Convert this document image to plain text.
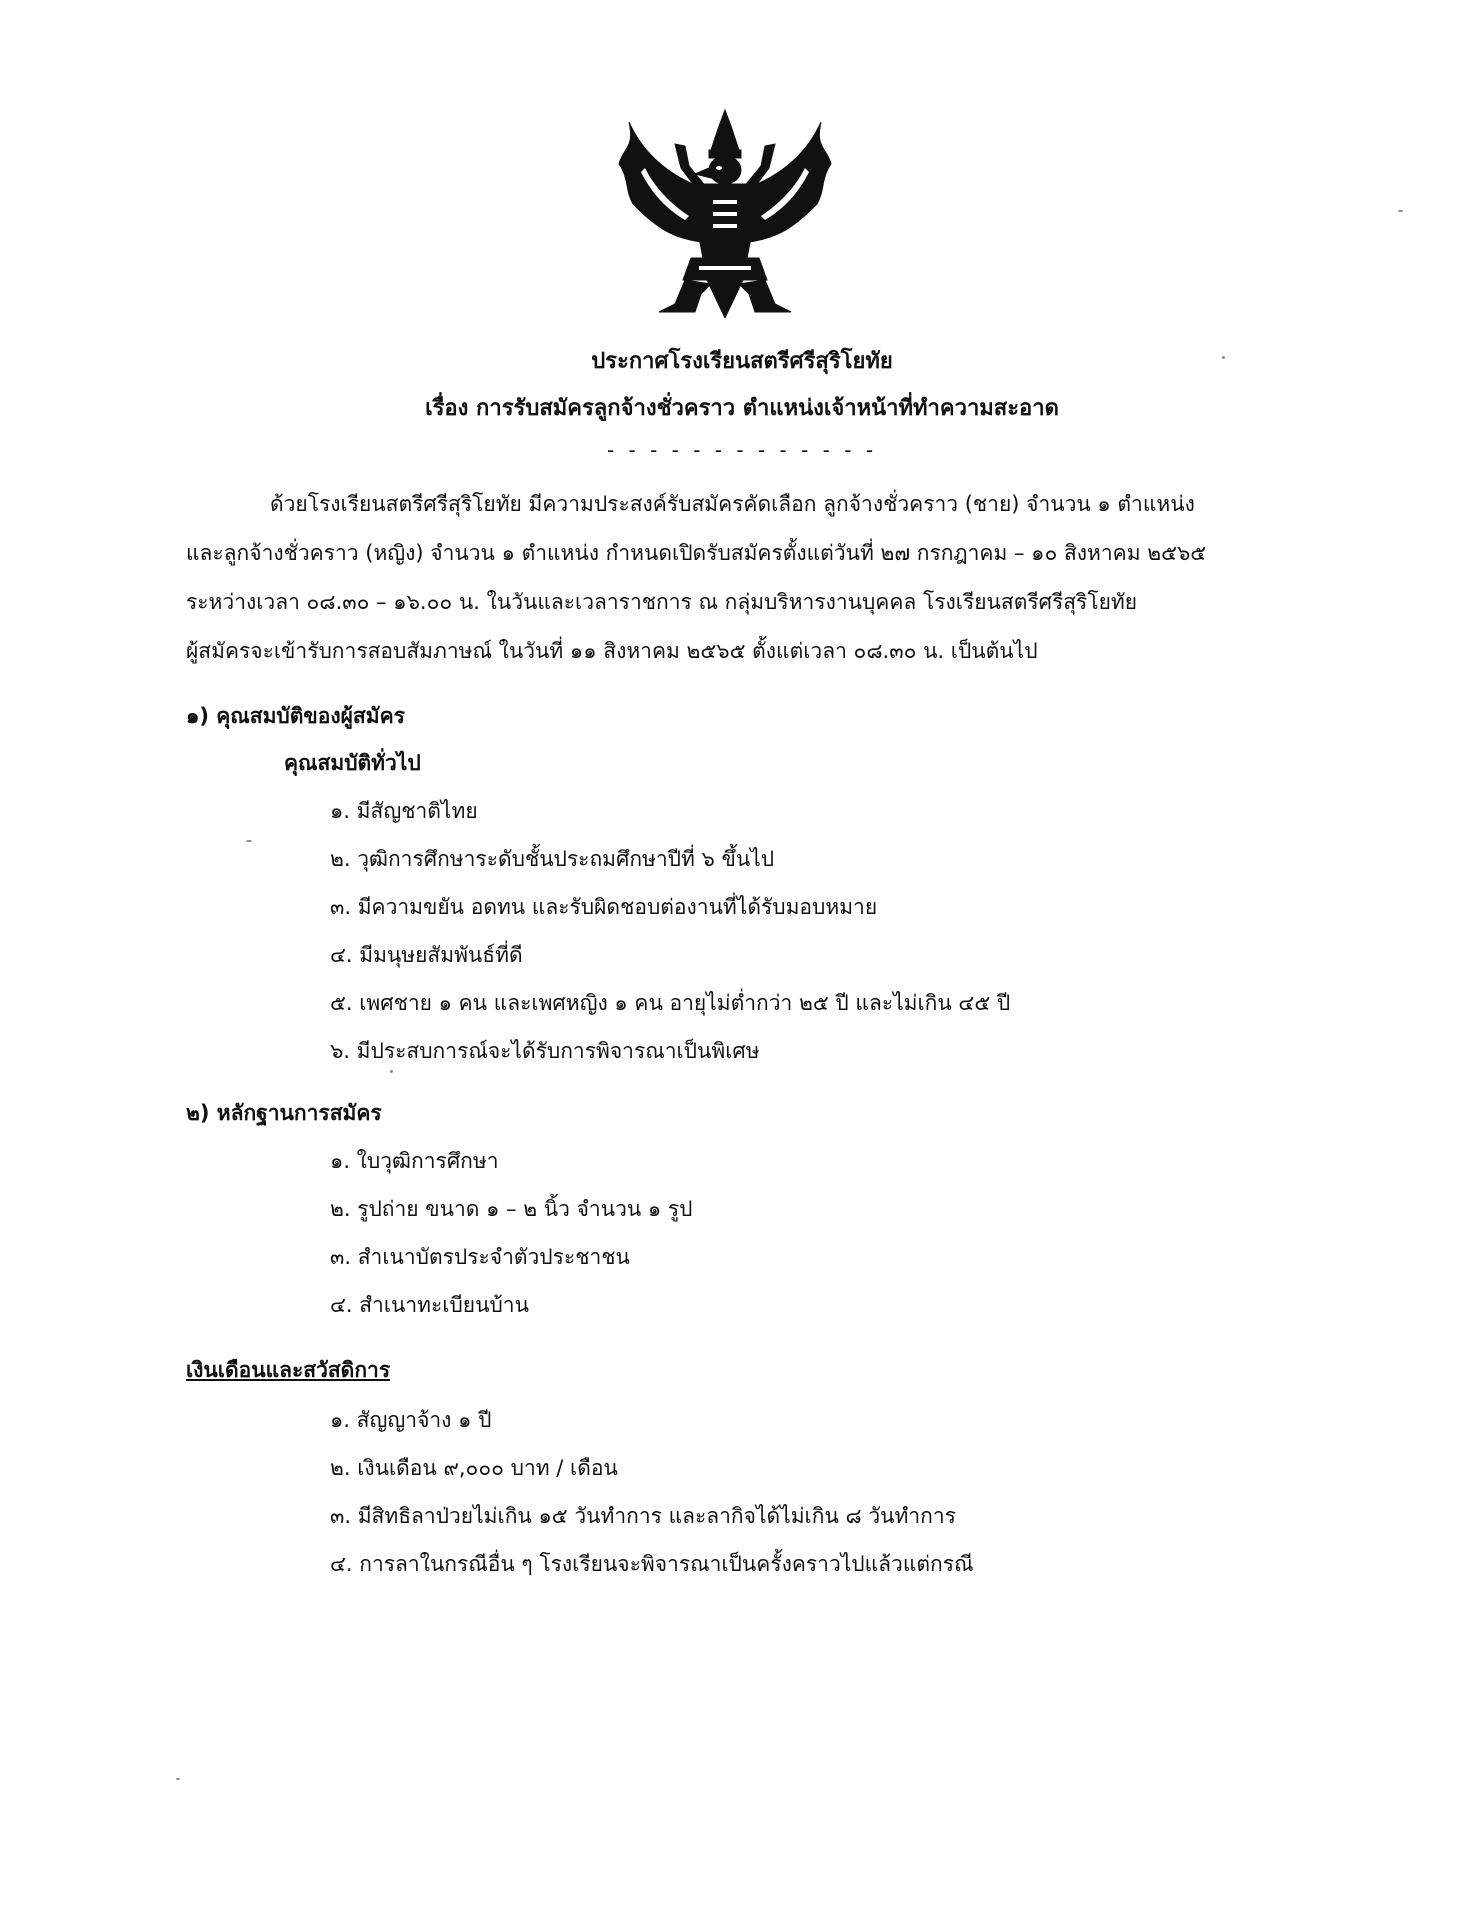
ประกาศโรงเรียนสตรีศรีสุริโยทัย
เรื่อง การรับสมัครลูกจ้างชั่วคราว ตำแหน่งเจ้าหน้าที่ทำความสะอาด
- - - - - - - - - - - - -
ด้วยโรงเรียนสตรีศรีสุริโยทัย มีความประสงค์รับสมัครคัดเลือก ลูกจ้างชั่วคราว (ชาย) จำนวน ๑ ตำแหน่ง
และลูกจ้างชั่วคราว (หญิง) จำนวน ๑ ตำแหน่ง กำหนดเปิดรับสมัครตั้งแต่วันที่ ๒๗ กรกฎาคม – ๑๐ สิงหาคม ๒๕๖๕
ระหว่างเวลา ๐๘.๓๐ – ๑๖.๐๐ น. ในวันและเวลาราชการ ณ กลุ่มบริหารงานบุคคล โรงเรียนสตรีศรีสุริโยทัย
ผู้สมัครจะเข้ารับการสอบสัมภาษณ์ ในวันที่ ๑๑ สิงหาคม ๒๕๖๕ ตั้งแต่เวลา ๐๘.๓๐ น. เป็นต้นไป
๑) คุณสมบัติของผู้สมัคร
คุณสมบัติทั่วไป
๑. มีสัญชาติไทย
๒. วุฒิการศึกษาระดับชั้นประถมศึกษาปีที่ ๖ ขึ้นไป
๓. มีความขยัน อดทน และรับผิดชอบต่องานที่ได้รับมอบหมาย
๔. มีมนุษยสัมพันธ์ที่ดี
๕. เพศชาย ๑ คน และเพศหญิง ๑ คน อายุไม่ต่ำกว่า ๒๕ ปี และไม่เกิน ๔๕ ปี
๖. มีประสบการณ์จะได้รับการพิจารณาเป็นพิเศษ
๒) หลักฐานการสมัคร
๑. ใบวุฒิการศึกษา
๒. รูปถ่าย ขนาด ๑ – ๒ นิ้ว จำนวน ๑ รูป
๓. สำเนาบัตรประจำตัวประชาชน
๔. สำเนาทะเบียนบ้าน
เงินเดือนและสวัสดิการ
๑. สัญญาจ้าง ๑ ปี
๒. เงินเดือน ๙,๐๐๐ บาท / เดือน
๓. มีสิทธิลาป่วยไม่เกิน ๑๕ วันทำการ และลากิจได้ไม่เกิน ๘ วันทำการ
๔. การลาในกรณีอื่น ๆ โรงเรียนจะพิจารณาเป็นครั้งคราวไปแล้วแต่กรณี
